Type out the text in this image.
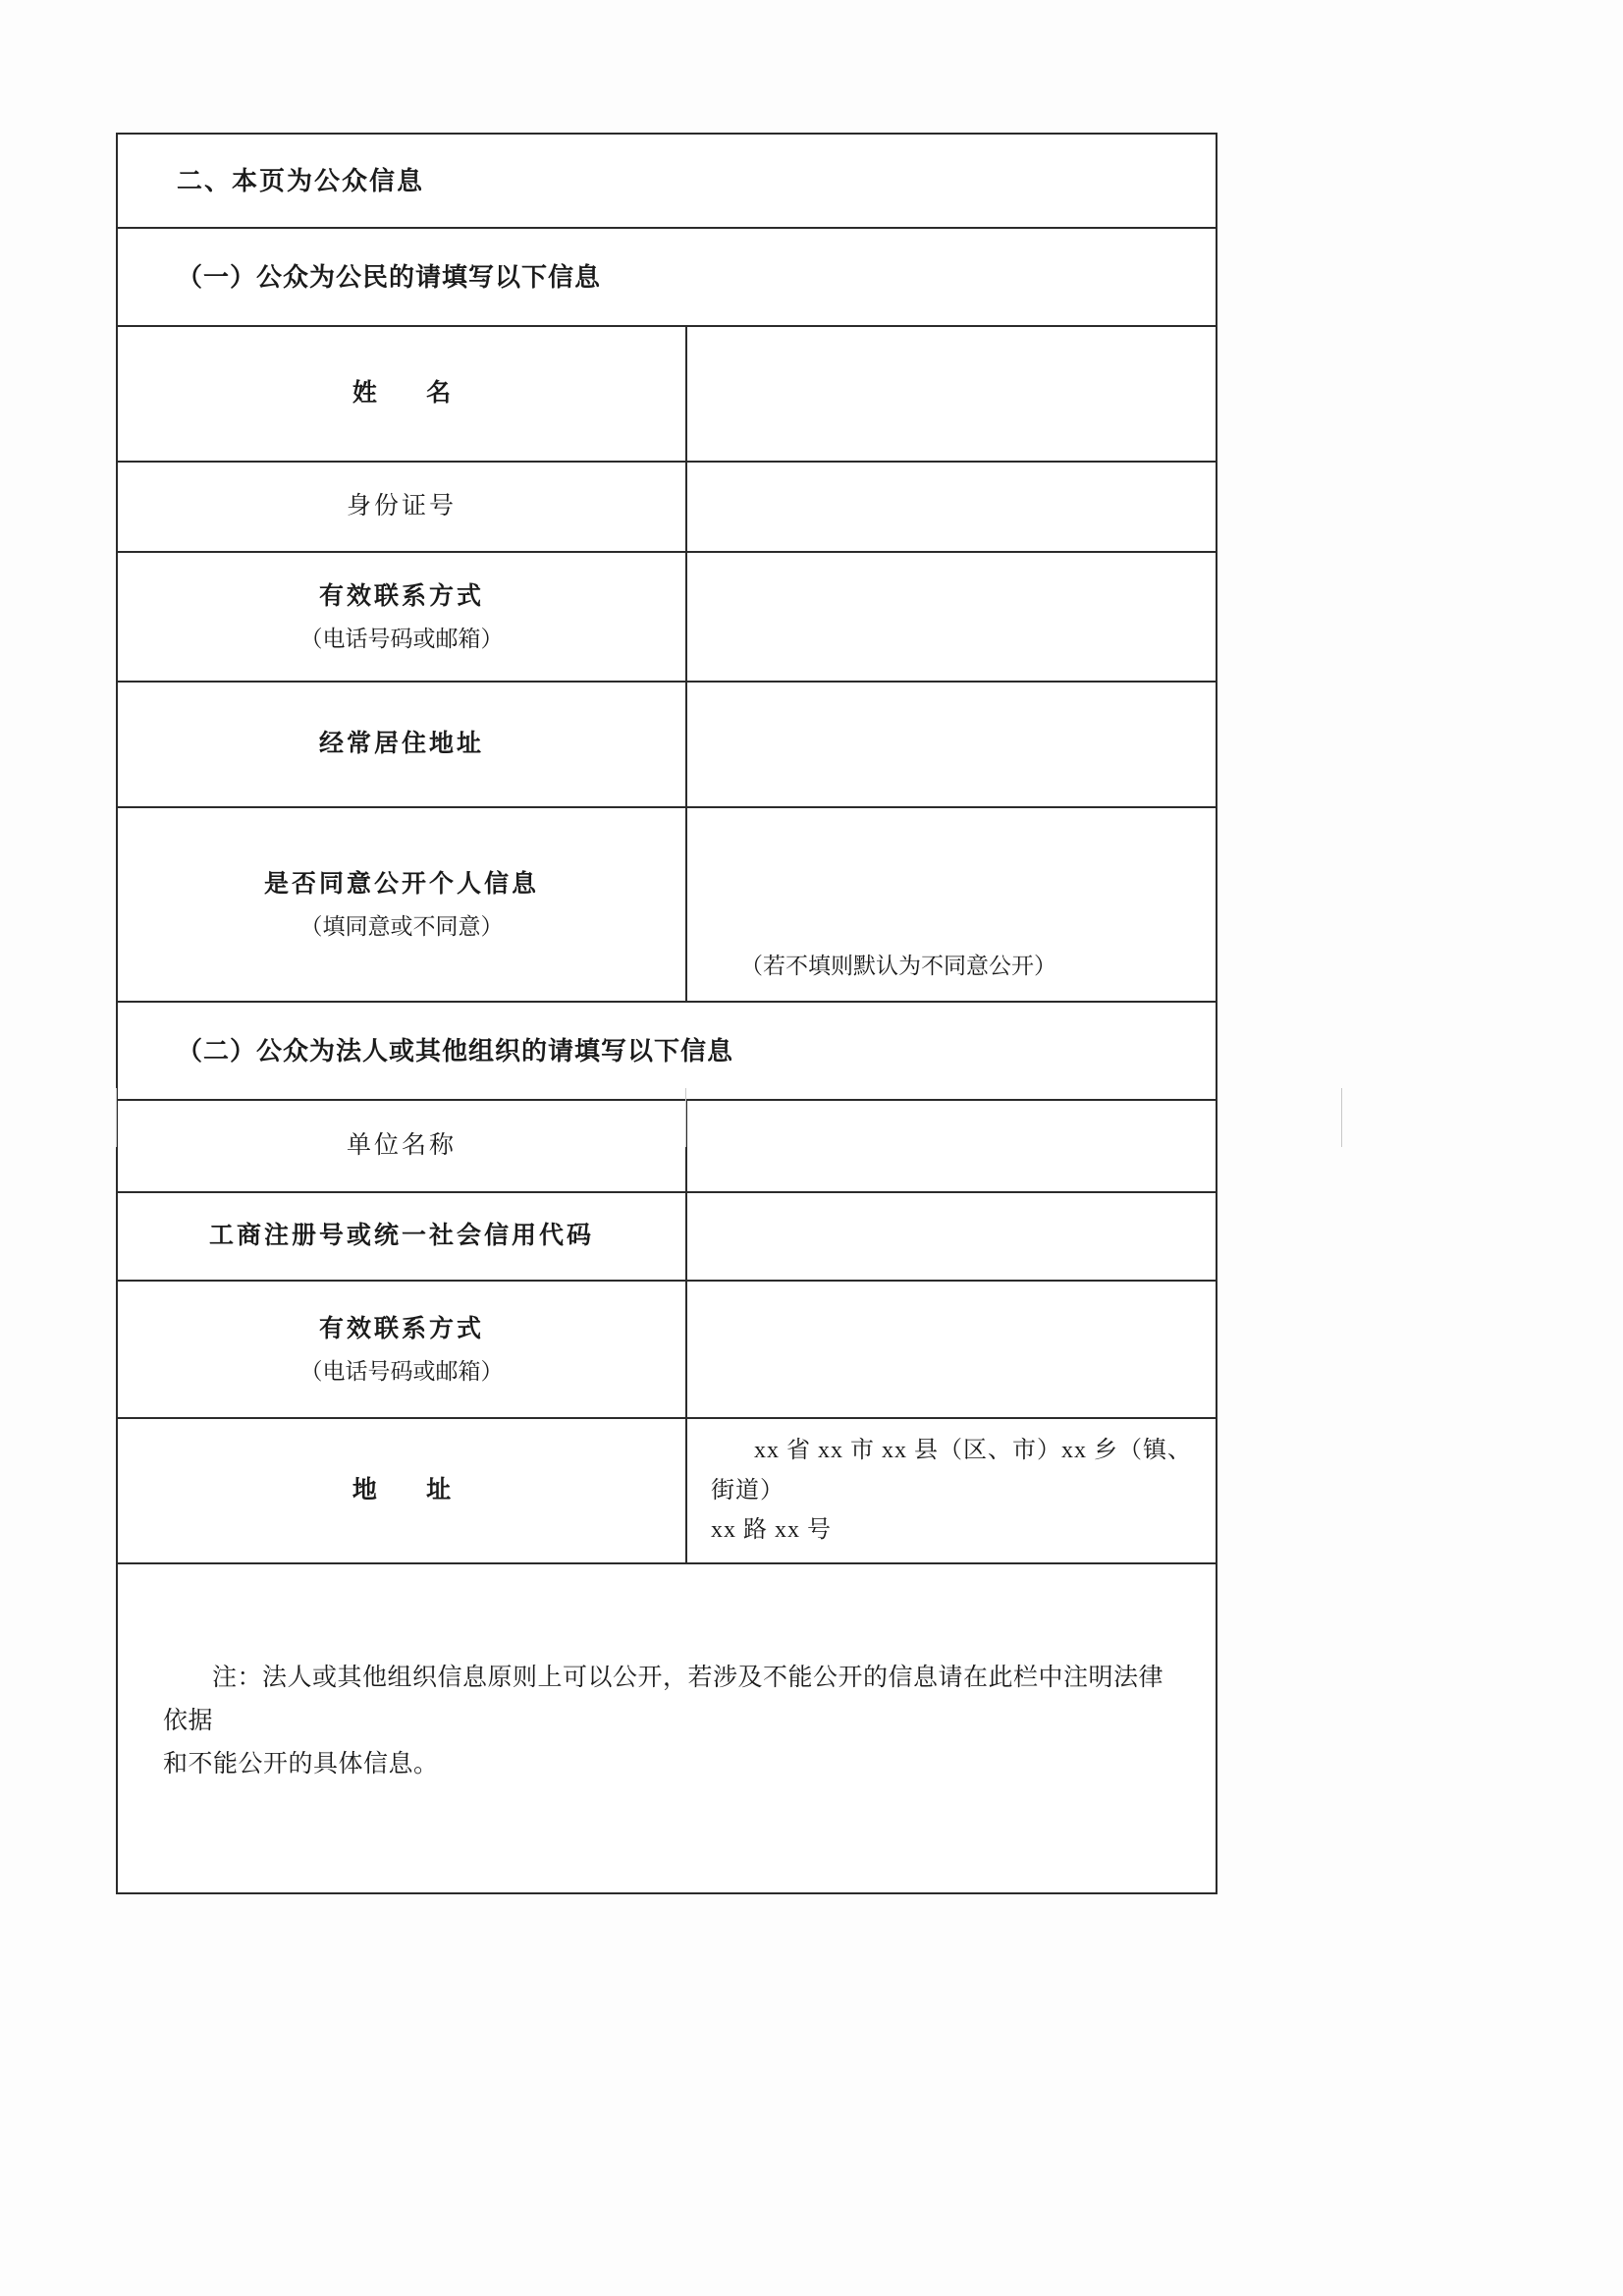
二、本页为公众信息
（一）公众为公民的请填写以下信息
姓 名
身份证号
有效联系方式
（电话号码或邮箱）
经常居住地址
是否同意公开个人信息
（填同意或不同意）
（若不填则默认为不同意公开）
（二）公众为法人或其他组织的请填写以下信息
单位名称
工商注册号或统一社会信用代码
有效联系方式
（电话号码或邮箱）
地 址
xx 省 xx 市 xx 县（区、市）xx 乡（镇、街道）
xx 路 xx 号
注：法人或其他组织信息原则上可以公开，若涉及不能公开的信息请在此栏中注明法律依据
和不能公开的具体信息。
